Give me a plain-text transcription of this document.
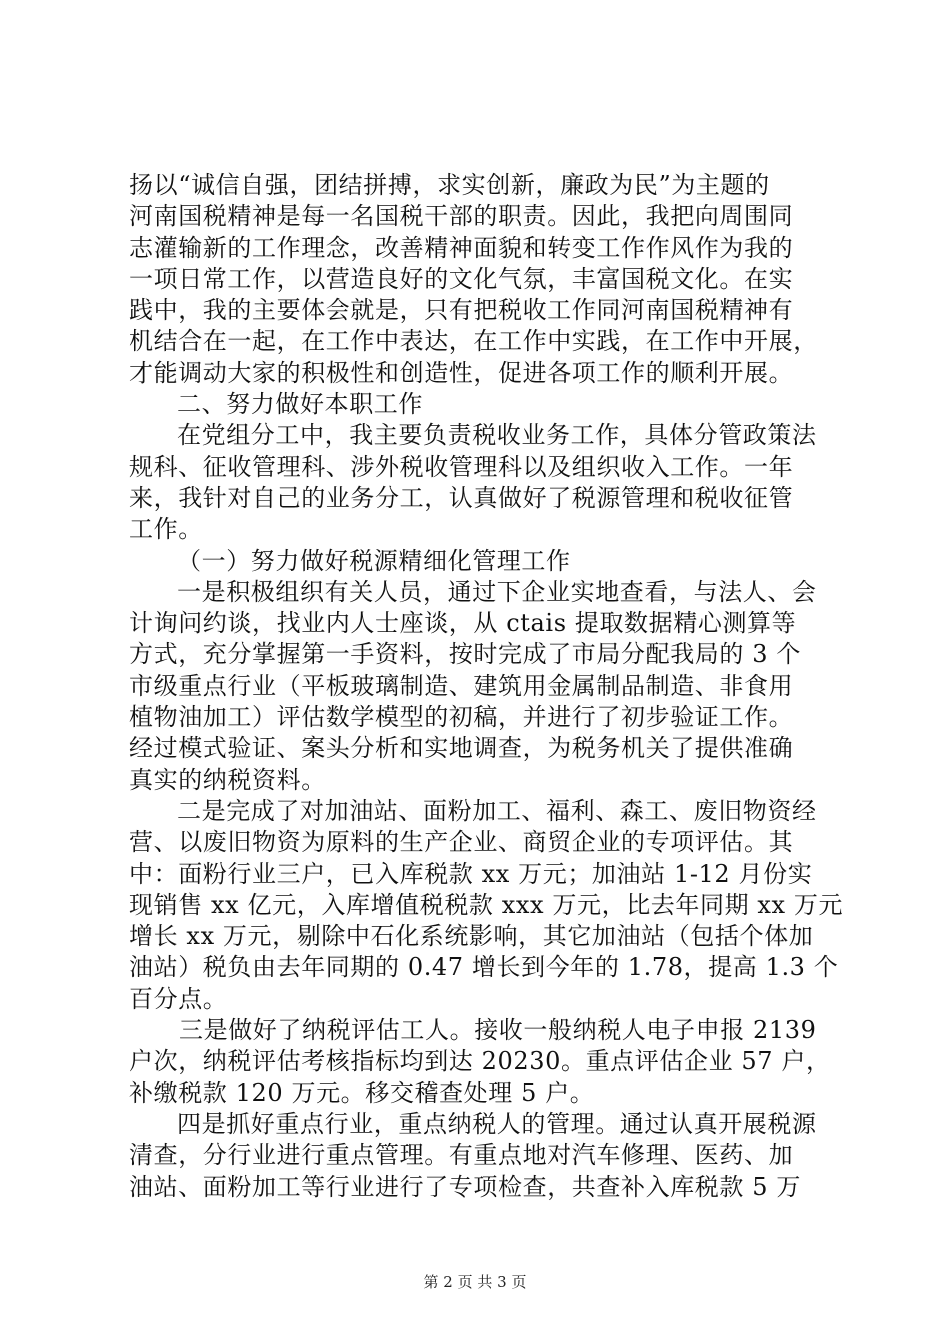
扬以“诚信自强，团结拼搏，求实创新，廉政为民”为主题的
河南国税精神是每一名国税干部的职责。因此，我把向周围同
志灌输新的工作理念，改善精神面貌和转变工作作风作为我的
一项日常工作，以营造良好的文化气氛，丰富国税文化。在实
践中，我的主要体会就是，只有把税收工作同河南国税精神有
机结合在一起，在工作中表达，在工作中实践，在工作中开展，
才能调动大家的积极性和创造性，促进各项工作的顺利开展。
二、努力做好本职工作
在党组分工中，我主要负责税收业务工作，具体分管政策法
规科、征收管理科、涉外税收管理科以及组织收入工作。一年
来，我针对自己的业务分工，认真做好了税源管理和税收征管
工作。
（一）努力做好税源精细化管理工作
一是积极组织有关人员，通过下企业实地查看，与法人、会
计询问约谈，找业内人士座谈，从 ctais 提取数据精心测算等
方式，充分掌握第一手资料，按时完成了市局分配我局的 3 个
市级重点行业（平板玻璃制造、建筑用金属制品制造、非食用
植物油加工）评估数学模型的初稿，并进行了初步验证工作。
经过模式验证、案头分析和实地调查，为税务机关了提供准确
真实的纳税资料。
二是完成了对加油站、面粉加工、福利、森工、废旧物资经
营、以废旧物资为原料的生产企业、商贸企业的专项评估。其
中：面粉行业三户，已入库税款 xx 万元；加油站 1-12 月份实
现销售 xx 亿元，入库增值税税款 xxx 万元，比去年同期 xx 万元
增长 xx 万元，剔除中石化系统影响，其它加油站（包括个体加
油站）税负由去年同期的 0.47 增长到今年的 1.78，提高 1.3 个
百分点。
三是做好了纳税评估工人。接收一般纳税人电子申报 2139
户次，纳税评估考核指标均到达 20230。重点评估企业 57 户，
补缴税款 120 万元。移交稽查处理 5 户。
四是抓好重点行业，重点纳税人的管理。通过认真开展税源
清查，分行业进行重点管理。有重点地对汽车修理、医药、加
油站、面粉加工等行业进行了专项检查，共查补入库税款 5 万
第 2 页 共 3 页
